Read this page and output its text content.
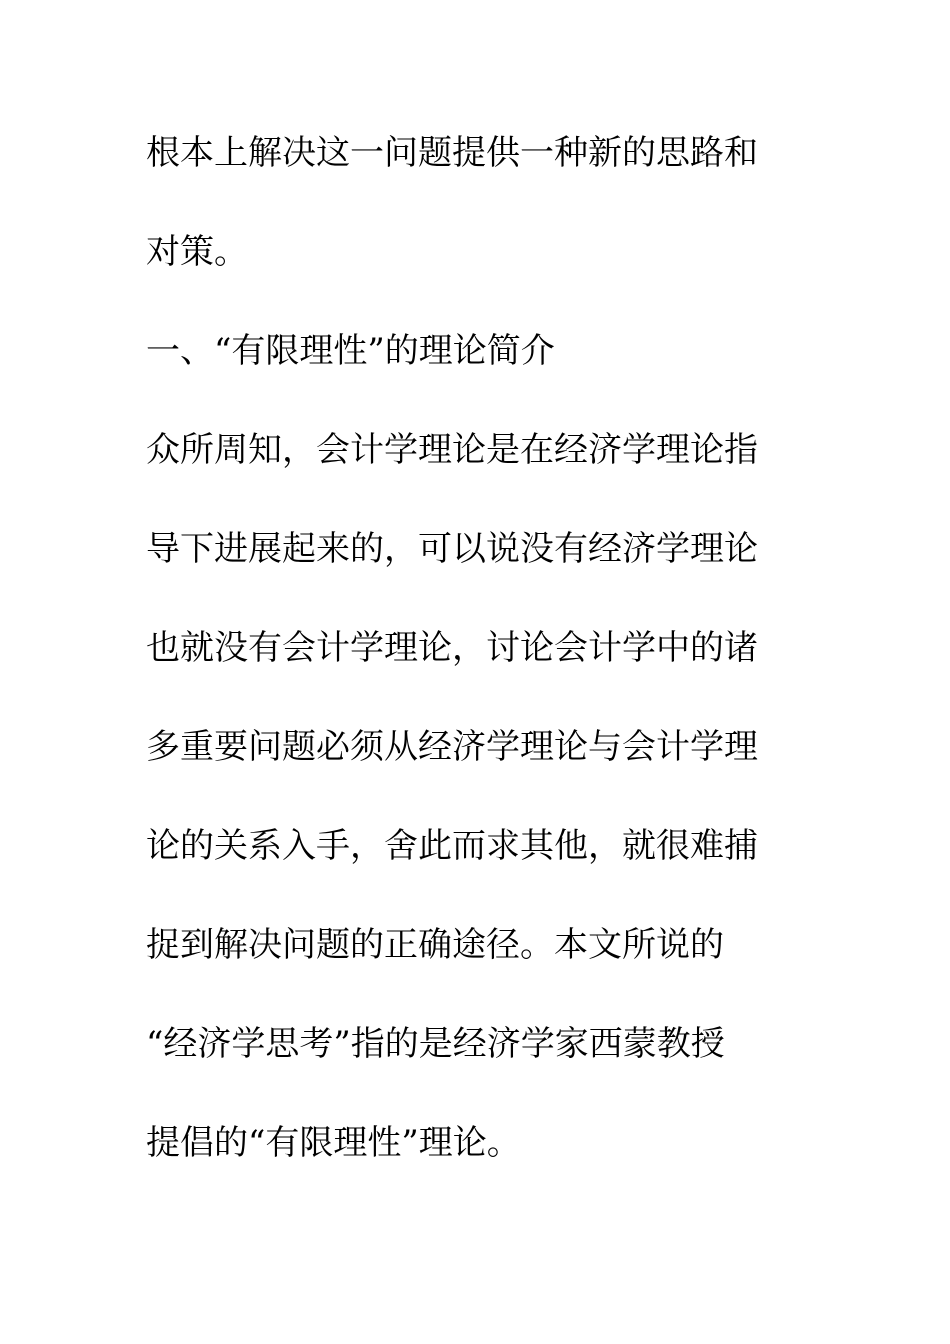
根本上解决这一问题提供一种新的思路和
对策。
一、“有限理性”的理论简介
众所周知，会计学理论是在经济学理论指
导下进展起来的，可以说没有经济学理论
也就没有会计学理论，讨论会计学中的诸
多重要问题必须从经济学理论与会计学理
论的关系入手，舍此而求其他，就很难捕
捉到解决问题的正确途径。本文所说的
“经济学思考”指的是经济学家西蒙教授
提倡的“有限理性”理论。
